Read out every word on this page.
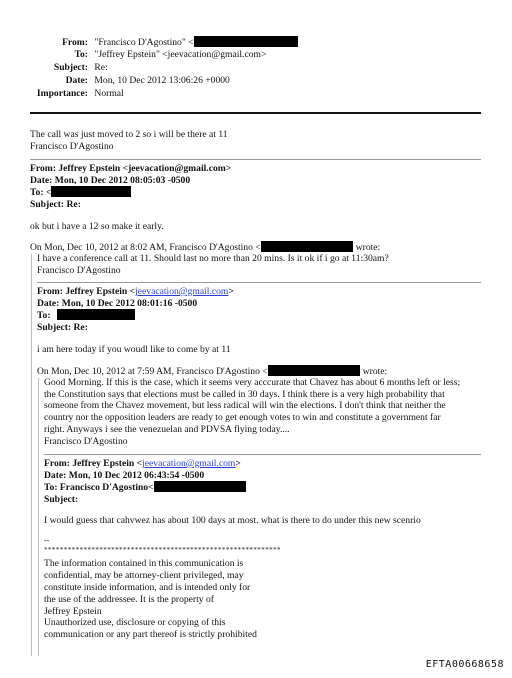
From: "Francisco D'Agostino" <
To: "Jeffrey Epstein" <jeevacation@gmail.com>
Subject: Re:
Date: Mon, 10 Dec 2012 13:06:26 +0000
Importance: Normal
The call was just moved to 2 so i will be there at 11
Francisco D'Agostino
From: Jeffrey Epstein <jeevacation@gmail.com>
Date: Mon, 10 Dec 2012 08:05:03 -0500
To: <
Subject: Re:
ok but i have a 12 so make it early.
On Mon, Dec 10, 2012 at 8:02 AM, Francisco D'Agostino <	wrote:
I have a conference call at 11. Should last no more than 20 mins. Is it ok if i go at 11:30am?
Francisco D'Agostino
From: Jeffrey Epstein <jeevacation@gmail.com>
Date: Mon, 10 Dec 2012 08:01:16 -0500
To:
Subject: Re:
i am here today if you woudl like to come by at 11
On Mon, Dec 10, 2012 at 7:59 AM, Francisco D'Agostino <	wrote:
Good Morning. If this is the case, which it seems very acccurate that Chavez has about 6 months left or less;
the Constitution says that elections must be called in 30 days. I think there is a very high probability that
someone from the Chavez movement, but less radical will win the elections. I don't think that neither the
country nor the opposition leaders are ready to get enough votes to win and constitute a government far
right. Anyways i see the venezuelan and PDVSA flying today....
Francisco D'Agostino
From: Jeffrey Epstein <jeevacation@gmail.com>
Date: Mon, 10 Dec 2012 06:43:54 -0500
To: Francisco D'Agostino<
Subject:
I would guess that cahvwez has about 100 days at most. what is there to do under this new scenrio
--
************************************************************
The information contained in this communication is
confidential, may be attorney-client privileged, may
constitute inside information, and is intended only for
the use of the addressee. It is the property of
Jeffrey Epstein
Unauthorized use, disclosure or copying of this
communication or any part thereof is strictly prohibited
EFTA00668658
